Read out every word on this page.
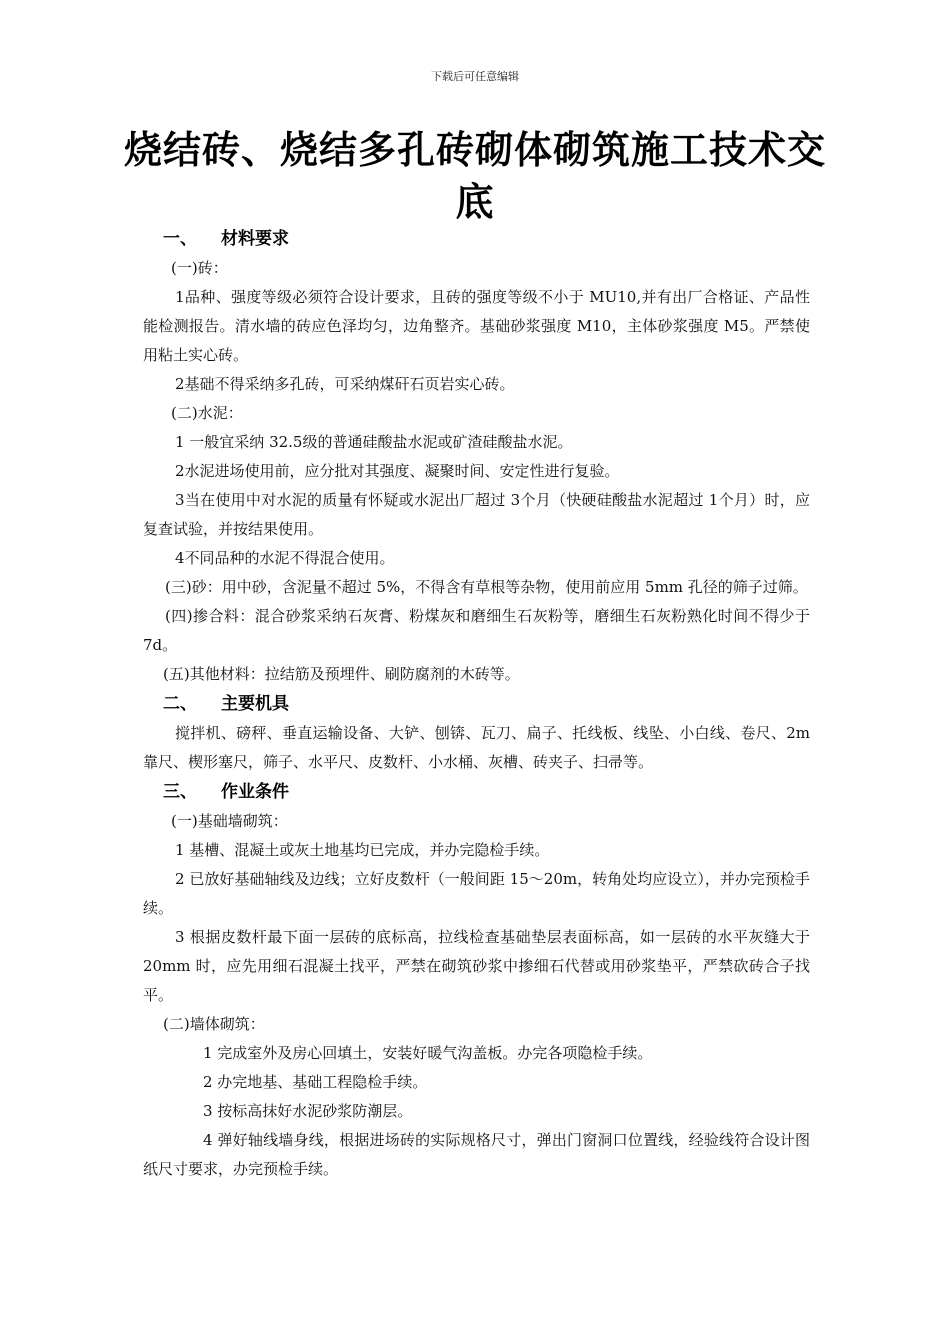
下载后可任意编辑
烧结砖、烧结多孔砖砌体砌筑施工技术交底
一、 材料要求
(一)砖：
1品种、强度等级必须符合设计要求，且砖的强度等级不小于 MU10,并有出厂合格证、产品性能检测报告。清水墙的砖应色泽均匀，边角整齐。基础砂浆强度 M10，主体砂浆强度 M5。严禁使用粘土实心砖。
2基础不得采纳多孔砖，可采纳煤矸石页岩实心砖。
(二)水泥：
1 一般宜采纳 32.5级的普通硅酸盐水泥或矿渣硅酸盐水泥。
2水泥进场使用前，应分批对其强度、凝聚时间、安定性进行复验。
3当在使用中对水泥的质量有怀疑或水泥出厂超过 3个月（快硬硅酸盐水泥超过 1个月）时，应复查试验，并按结果使用。
4不同品种的水泥不得混合使用。
(三)砂：用中砂，含泥量不超过 5%，不得含有草根等杂物，使用前应用 5mm 孔径的筛子过筛。
(四)掺合料：混合砂浆采纳石灰膏、粉煤灰和磨细生石灰粉等，磨细生石灰粉熟化时间不得少于 7d。
(五)其他材料：拉结筋及预埋件、刷防腐剂的木砖等。
二、 主要机具
搅拌机、磅秤、垂直运输设备、大铲、刨锛、瓦刀、扁子、托线板、线坠、小白线、卷尺、2m 靠尺、楔形塞尺，筛子、水平尺、皮数杆、小水桶、灰槽、砖夹子、扫帚等。
三、 作业条件
(一)基础墙砌筑：
1 基槽、混凝土或灰土地基均已完成，并办完隐检手续。
2 已放好基础轴线及边线；立好皮数杆（一般间距 15～20m，转角处均应设立），并办完预检手续。
3 根据皮数杆最下面一层砖的底标高，拉线检查基础垫层表面标高，如一层砖的水平灰缝大于 20mm 时，应先用细石混凝土找平，严禁在砌筑砂浆中掺细石代替或用砂浆垫平，严禁砍砖合子找平。
(二)墙体砌筑：
1 完成室外及房心回填土，安装好暖气沟盖板。办完各项隐检手续。
2 办完地基、基础工程隐检手续。
3 按标高抹好水泥砂浆防潮层。
4 弹好轴线墙身线，根据进场砖的实际规格尺寸，弹出门窗洞口位置线，经验线符合设计图纸尺寸要求，办完预检手续。
